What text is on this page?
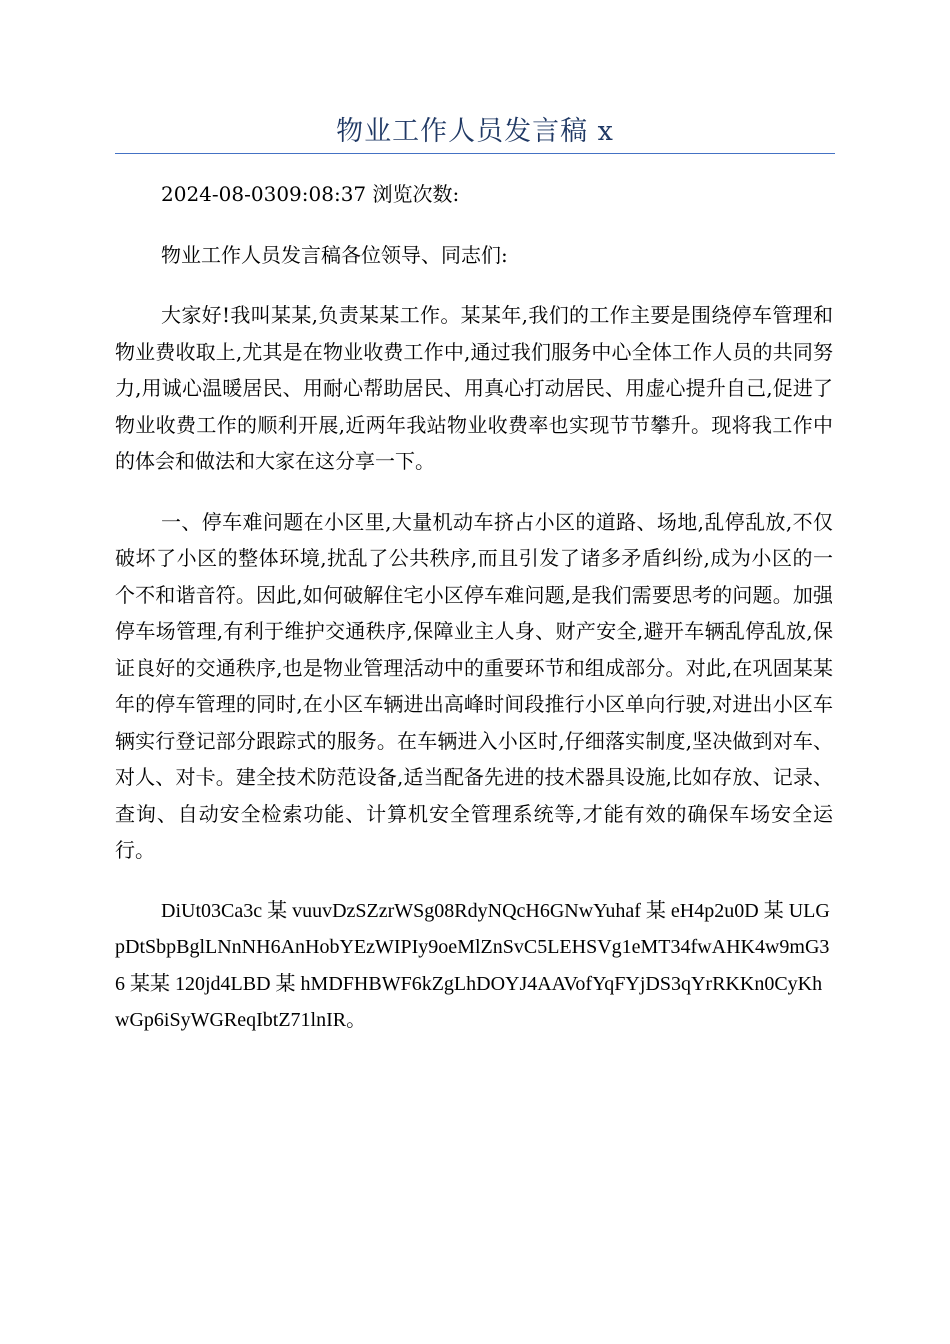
物业工作人员发言稿 x

2024-08-0309:08:37 浏览次数:

物业工作人员发言稿各位领导、同志们:

大家好!我叫某某,负责某某工作。某某年,我们的工作主要是围绕停车管理和物业费收取上,尤其是在物业收费工作中,通过我们服务中心全体工作人员的共同努力,用诚心温暖居民、用耐心帮助居民、用真心打动居民、用虚心提升自己,促进了物业收费工作的顺利开展,近两年我站物业收费率也实现节节攀升。现将我工作中的体会和做法和大家在这分享一下。

一、停车难问题在小区里,大量机动车挤占小区的道路、场地,乱停乱放,不仅破坏了小区的整体环境,扰乱了公共秩序,而且引发了诸多矛盾纠纷,成为小区的一个不和谐音符。因此,如何破解住宅小区停车难问题,是我们需要思考的问题。加强停车场管理,有利于维护交通秩序,保障业主人身、财产安全,避开车辆乱停乱放,保证良好的交通秩序,也是物业管理活动中的重要环节和组成部分。对此,在巩固某某年的停车管理的同时,在小区车辆进出高峰时间段推行小区单向行驶,对进出小区车辆实行登记部分跟踪式的服务。在车辆进入小区时,仔细落实制度,坚决做到对车、对人、对卡。建全技术防范设备,适当配备先进的技术器具设施,比如存放、记录、查询、自动安全检索功能、计算机安全管理系统等,才能有效的确保车场安全运行。

DiUt03Ca3c 某 vuuvDzSZzrWSg08RdyNQcH6GNwYuhaf 某 eH4p2u0D 某 ULGpDtSbpBglLNnNH6AnHobYEzWIPIy9oeMlZnSvC5LEHSVg1eMT34fwAHK4w9mG36 某某 120jd4LBD 某 hMDFHBWF6kZgLhDOYJ4AAVofYqFYjDS3qYrRKKn0CyKhwGp6iSyWGReqIbtZ71lnIR。
